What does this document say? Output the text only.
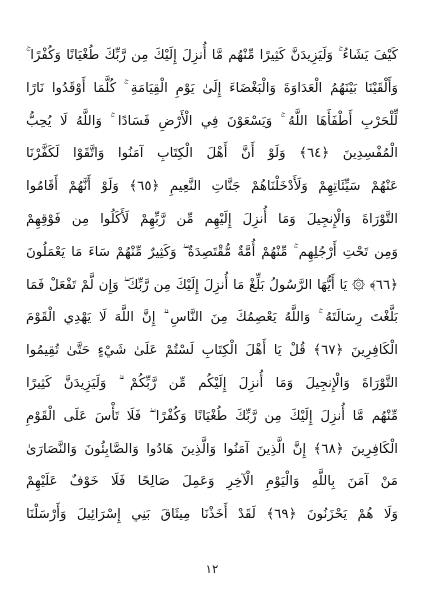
كَيْفَ يَشَاءُ ۚ وَلَيَزِيدَنَّ كَثِيرًا مِّنْهُم مَّا أُنزِلَ إِلَيْكَ مِن رَّبِّكَ طُغْيَانًا وَكُفْرًا ۚ
وَأَلْقَيْنَا بَيْنَهُمُ الْعَدَاوَةَ وَالْبَغْضَاءَ إِلَىٰ يَوْمِ الْقِيَامَةِ ۚ كُلَّمَا أَوْقَدُوا نَارًا
لِّلْحَرْبِ أَطْفَأَهَا اللَّهُ ۚ وَيَسْعَوْنَ فِي الْأَرْضِ فَسَادًا ۚ وَاللَّهُ لَا يُحِبُّ
الْمُفْسِدِينَ ﴿٦٤﴾ وَلَوْ أَنَّ أَهْلَ الْكِتَابِ آمَنُوا وَاتَّقَوْا لَكَفَّرْنَا
عَنْهُمْ سَيِّئَاتِهِمْ وَلَأَدْخَلْنَاهُمْ جَنَّاتِ النَّعِيمِ ﴿٦٥﴾ وَلَوْ أَنَّهُمْ أَقَامُوا
التَّوْرَاةَ وَالْإِنجِيلَ وَمَا أُنزِلَ إِلَيْهِم مِّن رَّبِّهِمْ لَأَكَلُوا مِن فَوْقِهِمْ
وَمِن تَحْتِ أَرْجُلِهِم ۚ مِّنْهُمْ أُمَّةٌ مُّقْتَصِدَةٌ ۖ وَكَثِيرٌ مِّنْهُمْ سَاءَ مَا يَعْمَلُونَ
﴿٦٦﴾ ۞ يَا أَيُّهَا الرَّسُولُ بَلِّغْ مَا أُنزِلَ إِلَيْكَ مِن رَّبِّكَ ۖ وَإِن لَّمْ تَفْعَلْ فَمَا
بَلَّغْتَ رِسَالَتَهُ ۚ وَاللَّهُ يَعْصِمُكَ مِنَ النَّاسِ ۗ إِنَّ اللَّهَ لَا يَهْدِي الْقَوْمَ
الْكَافِرِينَ ﴿٦٧﴾ قُلْ يَا أَهْلَ الْكِتَابِ لَسْتُمْ عَلَىٰ شَيْءٍ حَتَّىٰ تُقِيمُوا
التَّوْرَاةَ وَالْإِنجِيلَ وَمَا أُنزِلَ إِلَيْكُم مِّن رَّبِّكُمْ ۗ وَلَيَزِيدَنَّ كَثِيرًا
مِّنْهُم مَّا أُنزِلَ إِلَيْكَ مِن رَّبِّكَ طُغْيَانًا وَكُفْرًا ۖ فَلَا تَأْسَ عَلَى الْقَوْمِ
الْكَافِرِينَ ﴿٦٨﴾ إِنَّ الَّذِينَ آمَنُوا وَالَّذِينَ هَادُوا وَالصَّابِئُونَ وَالنَّصَارَىٰ
مَنْ آمَنَ بِاللَّهِ وَالْيَوْمِ الْآخِرِ وَعَمِلَ صَالِحًا فَلَا خَوْفٌ عَلَيْهِمْ
وَلَا هُمْ يَحْزَنُونَ ﴿٦٩﴾ لَقَدْ أَخَذْنَا مِيثَاقَ بَنِي إِسْرَائِيلَ وَأَرْسَلْنَا
١٢
